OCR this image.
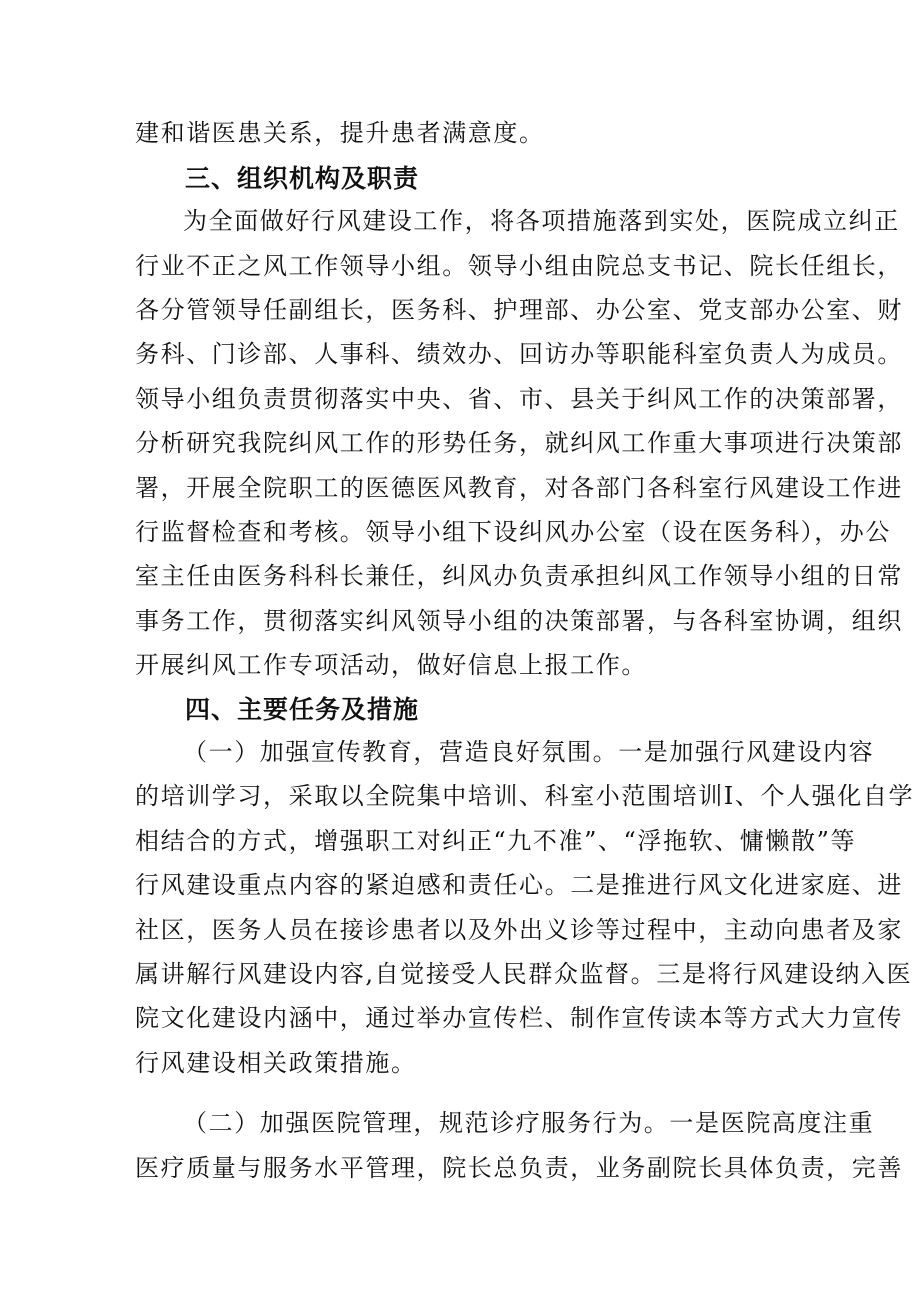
建和谐医患关系，提升患者满意度。
三、组织机构及职责
为全面做好行风建设工作，将各项措施落到实处，医院成立纠正
行业不正之风工作领导小组。领导小组由院总支书记、院长任组长，
各分管领导任副组长，医务科、护理部、办公室、党支部办公室、财
务科、门诊部、人事科、绩效办、回访办等职能科室负责人为成员。
领导小组负责贯彻落实中央、省、市、县关于纠风工作的决策部署，
分析研究我院纠风工作的形势任务，就纠风工作重大事项进行决策部
署，开展全院职工的医德医风教育，对各部门各科室行风建设工作进
行监督检查和考核。领导小组下设纠风办公室（设在医务科），办公
室主任由医务科科长兼任，纠风办负责承担纠风工作领导小组的日常
事务工作，贯彻落实纠风领导小组的决策部署，与各科室协调，组织
开展纠风工作专项活动，做好信息上报工作。
四、主要任务及措施
（一）加强宣传教育，营造良好氛围。一是加强行风建设内容
的培训学习，采取以全院集中培训、科室小范围培训I、个人强化自学
相结合的方式，增强职工对纠正“九不准”、“浮拖软、慵懒散”等
行风建设重点内容的紧迫感和责任心。二是推进行风文化进家庭、进
社区，医务人员在接诊患者以及外出义诊等过程中，主动向患者及家
属讲解行风建设内容,自觉接受人民群众监督。三是将行风建设纳入医
院文化建设内涵中，通过举办宣传栏、制作宣传读本等方式大力宣传
行风建设相关政策措施。
（二）加强医院管理，规范诊疗服务行为。一是医院高度注重
医疗质量与服务水平管理，院长总负责，业务副院长具体负责，完善
